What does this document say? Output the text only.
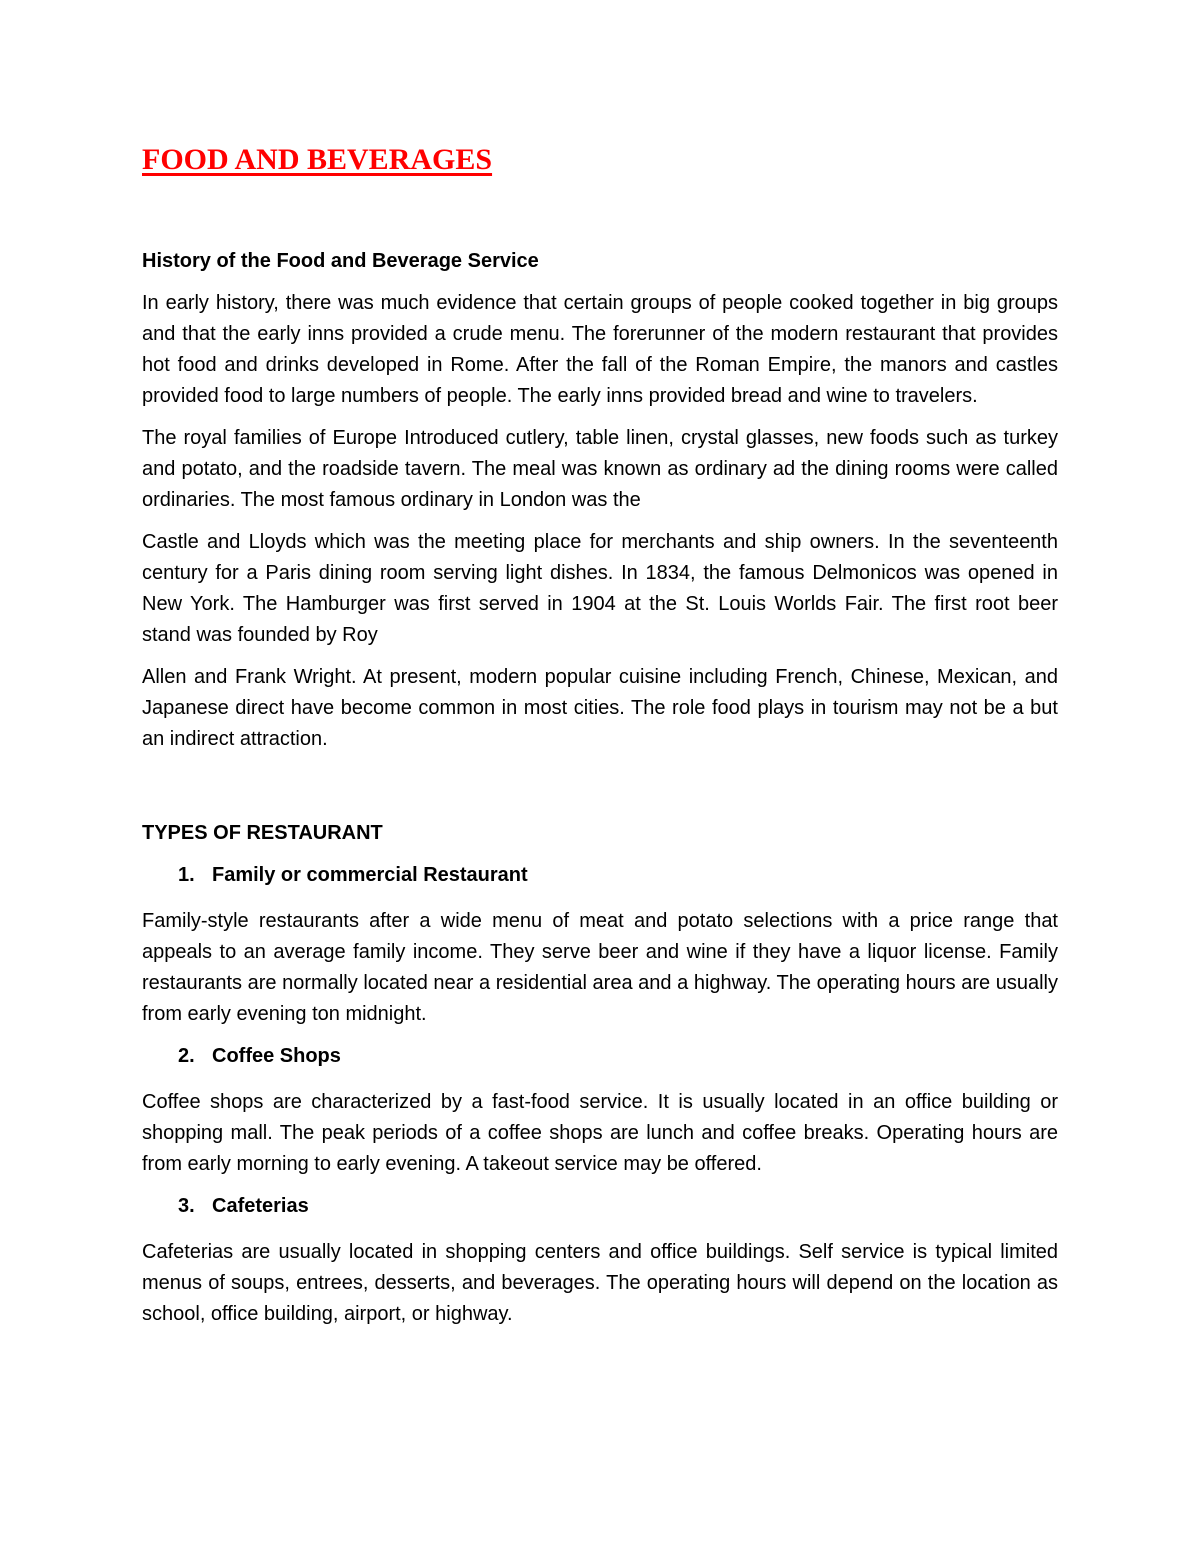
FOOD AND BEVERAGES
History of the Food and Beverage Service

In early history, there was much evidence that certain groups of people cooked together in big groups and that the early inns provided a crude menu. The forerunner of the modern restaurant that provides hot food and drinks developed in Rome. After the fall of the Roman Empire, the manors and castles provided food to large numbers of people. The early inns provided bread and wine to travelers.

The royal families of Europe Introduced cutlery, table linen, crystal glasses, new foods such as turkey and potato, and the roadside tavern. The meal was known as ordinary ad the dining rooms were called ordinaries. The most famous ordinary in London was the

Castle and Lloyds which was the meeting place for merchants and ship owners. In the seventeenth century for a Paris dining room serving light dishes. In 1834, the famous Delmonicos was opened in New York. The Hamburger was first served in 1904 at the St. Louis Worlds Fair. The first root beer stand was founded by Roy

Allen and Frank Wright. At present, modern popular cuisine including French, Chinese, Mexican, and Japanese direct have become common in most cities. The role food plays in tourism may not be a but an indirect attraction.

TYPES OF RESTAURANT
1. Family or commercial Restaurant

Family-style restaurants after a wide menu of meat and potato selections with a price range that appeals to an average family income. They serve beer and wine if they have a liquor license. Family restaurants are normally located near a residential area and a highway. The operating hours are usually from early evening ton midnight.

2. Coffee Shops

Coffee shops are characterized by a fast-food service. It is usually located in an office building or shopping mall. The peak periods of a coffee shops are lunch and coffee breaks. Operating hours are from early morning to early evening. A takeout service may be offered.

3. Cafeterias

Cafeterias are usually located in shopping centers and office buildings. Self service is typical limited menus of soups, entrees, desserts, and beverages. The operating hours will depend on the location as school, office building, airport, or highway.
